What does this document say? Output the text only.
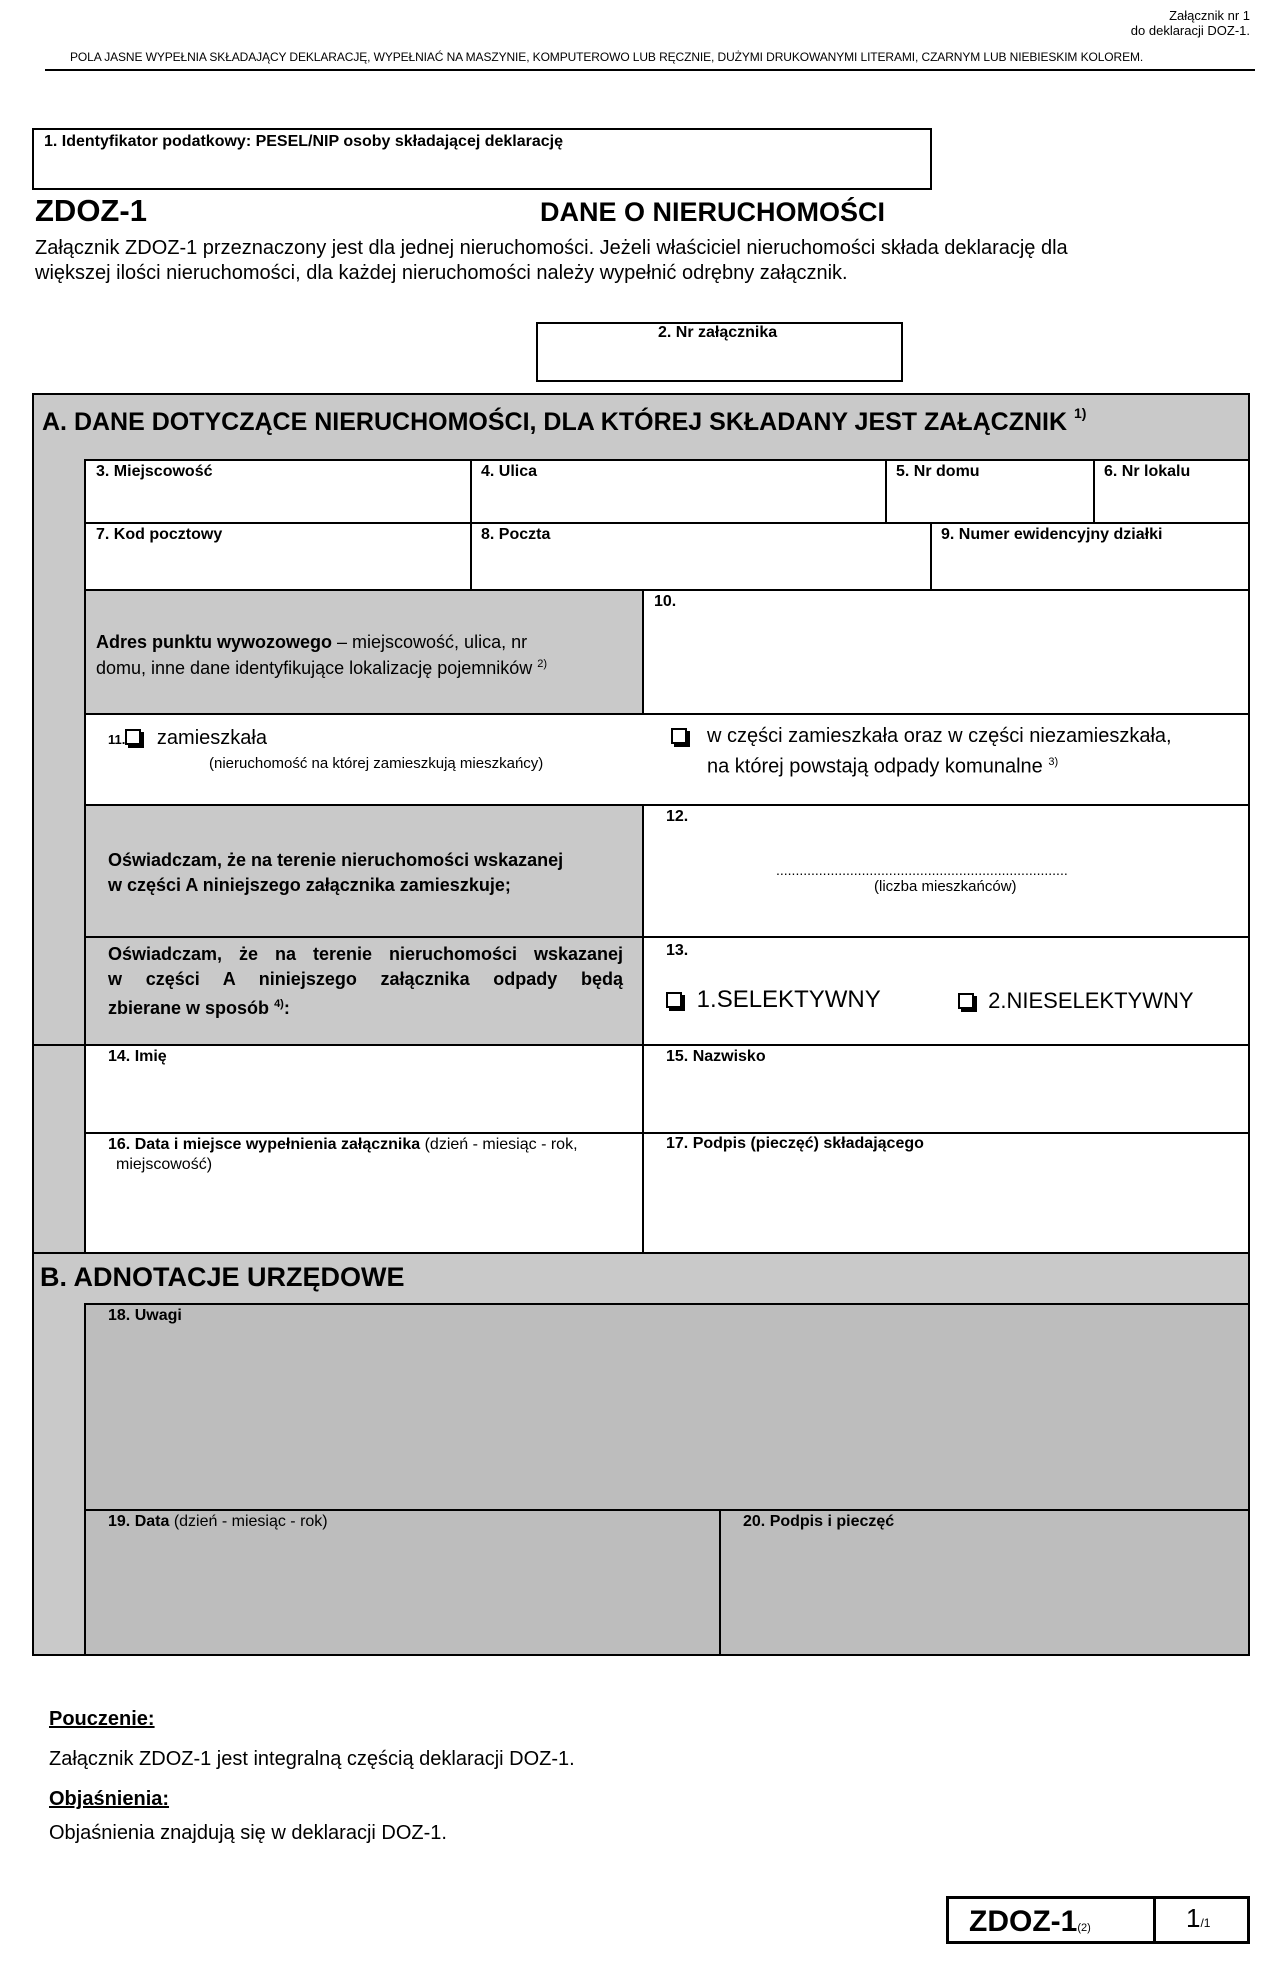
Załącznik nr 1
do deklaracji DOZ-1.
POLA JASNE WYPEŁNIA SKŁADAJĄCY DEKLARACJĘ, WYPEŁNIAĆ NA MASZYNIE, KOMPUTEROWO LUB RĘCZNIE, DUŻYMI DRUKOWANYMI LITERAMI, CZARNYM LUB NIEBIESKIM KOLOREM.
1. Identyfikator podatkowy: PESEL/NIP osoby składającej deklarację
ZDOZ-1	DANE O NIERUCHOMOŚCI
Załącznik ZDOZ-1 przeznaczony jest dla jednej nieruchomości. Jeżeli właściciel nieruchomości składa deklarację dla
większej ilości nieruchomości, dla każdej nieruchomości należy wypełnić odrębny załącznik.
2. Nr załącznika
A. DANE DOTYCZĄCE NIERUCHOMOŚCI, DLA KTÓREJ SKŁADANY JEST ZAŁĄCZNIK $^{1)}$
3. Miejscowość	4. Ulica	5. Nr domu	6. Nr lokalu
7. Kod pocztowy	8. Poczta	9. Numer ewidencyjny działki
Adres punktu wywozowego – miejscowość, ulica, nr
domu, inne dane identyfikujące lokalizację pojemników $^{2)}$
10.
11. zamieszkała
(nieruchomość na której zamieszkują mieszkańcy)
w części zamieszkała oraz w części niezamieszkała,
na której powstają odpady komunalne $^{3)}$
Oświadczam, że na terenie nieruchomości wskazanej
w części A niniejszego załącznika zamieszkuje;
12.
...........................................................................
(liczba mieszkańców)
Oświadczam, że na terenie nieruchomości wskazanej
w części A niniejszego załącznika odpady będą
zbierane w sposób $^{4)}$:
13.
1.SELEKTYWNY	2.NIESELEKTYWNY
14. Imię	15. Nazwisko
16. Data i miejsce wypełnienia załącznika (dzień - miesiąc - rok,
miejscowość)
17. Podpis (pieczęć) składającego
B. ADNOTACJE URZĘDOWE
18. Uwagi
19. Data (dzień - miesiąc - rok)	20. Podpis i pieczęć
Pouczenie:
Załącznik ZDOZ-1 jest integralną częścią deklaracji DOZ-1.
Objaśnienia:
Objaśnienia znajdują się w deklaracji DOZ-1.
ZDOZ-1(2)	1/1
